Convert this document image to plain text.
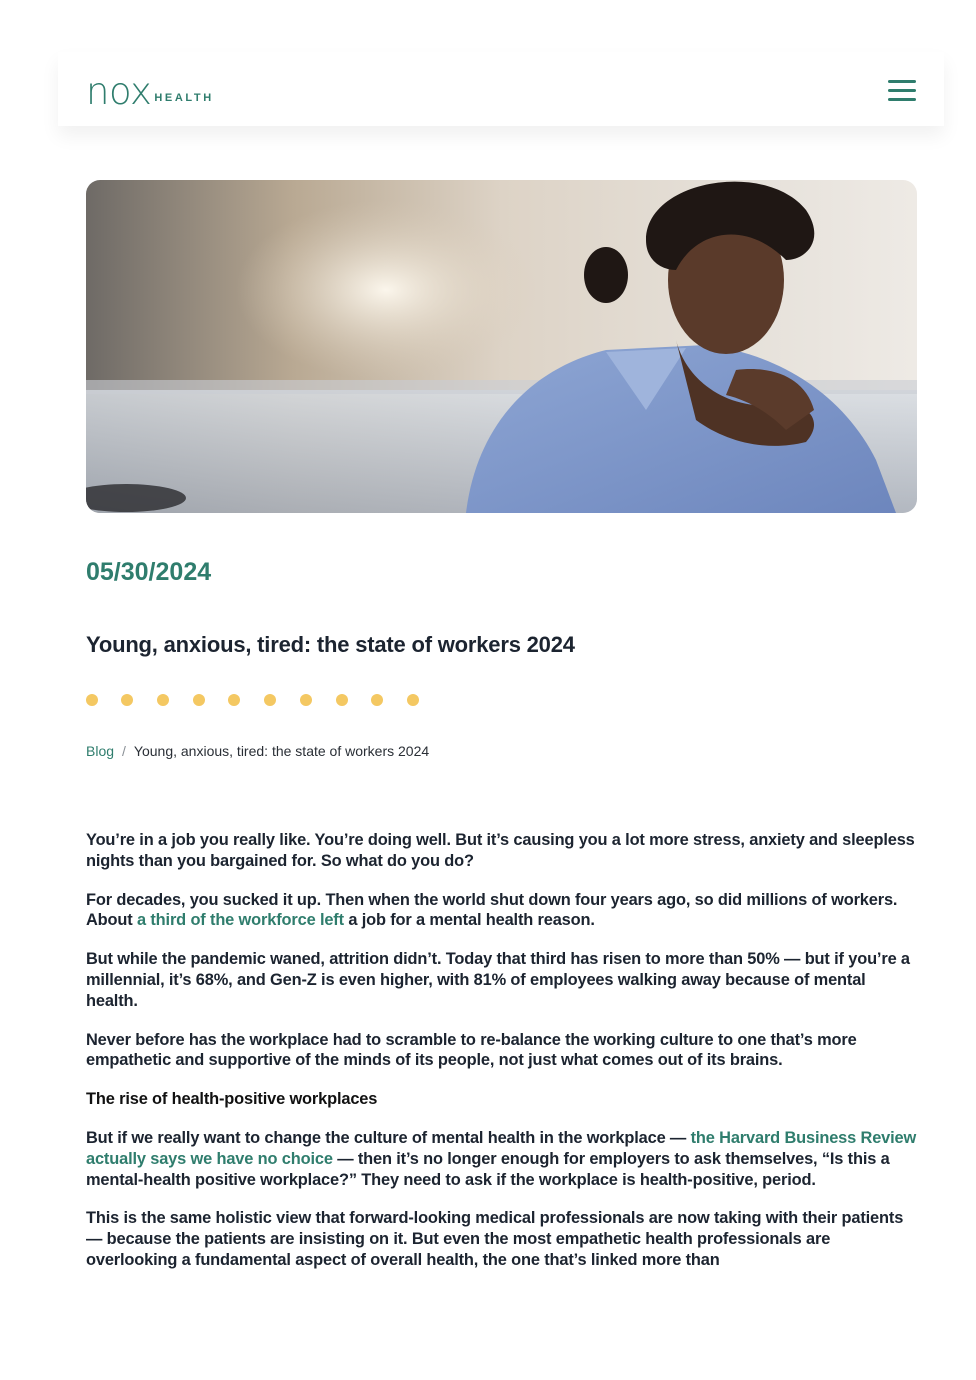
nox HEALTH
05/30/2024
Young, anxious, tired: the state of workers 2024
Blog / Young, anxious, tired: the state of workers 2024

You’re in a job you really like. You’re doing well. But it’s causing you a lot more stress, anxiety and sleepless nights than you bargained for. So what do you do?

For decades, you sucked it up. Then when the world shut down four years ago, so did millions of workers. About a third of the workforce left a job for a mental health reason.

But while the pandemic waned, attrition didn’t. Today that third has risen to more than 50% — but if you’re a millennial, it’s 68%, and Gen-Z is even higher, with 81% of employees walking away because of mental health.

Never before has the workplace had to scramble to re-balance the working culture to one that’s more empathetic and supportive of the minds of its people, not just what comes out of its brains.

The rise of health-positive workplaces

But if we really want to change the culture of mental health in the workplace — the Harvard Business Review actually says we have no choice — then it’s no longer enough for employers to ask themselves, “Is this a mental-health positive workplace?” They need to ask if the workplace is health-positive, period.

This is the same holistic view that forward-looking medical professionals are now taking with their patients — because the patients are insisting on it. But even the most empathetic health professionals are overlooking a fundamental aspect of overall health, the one that’s linked more than
